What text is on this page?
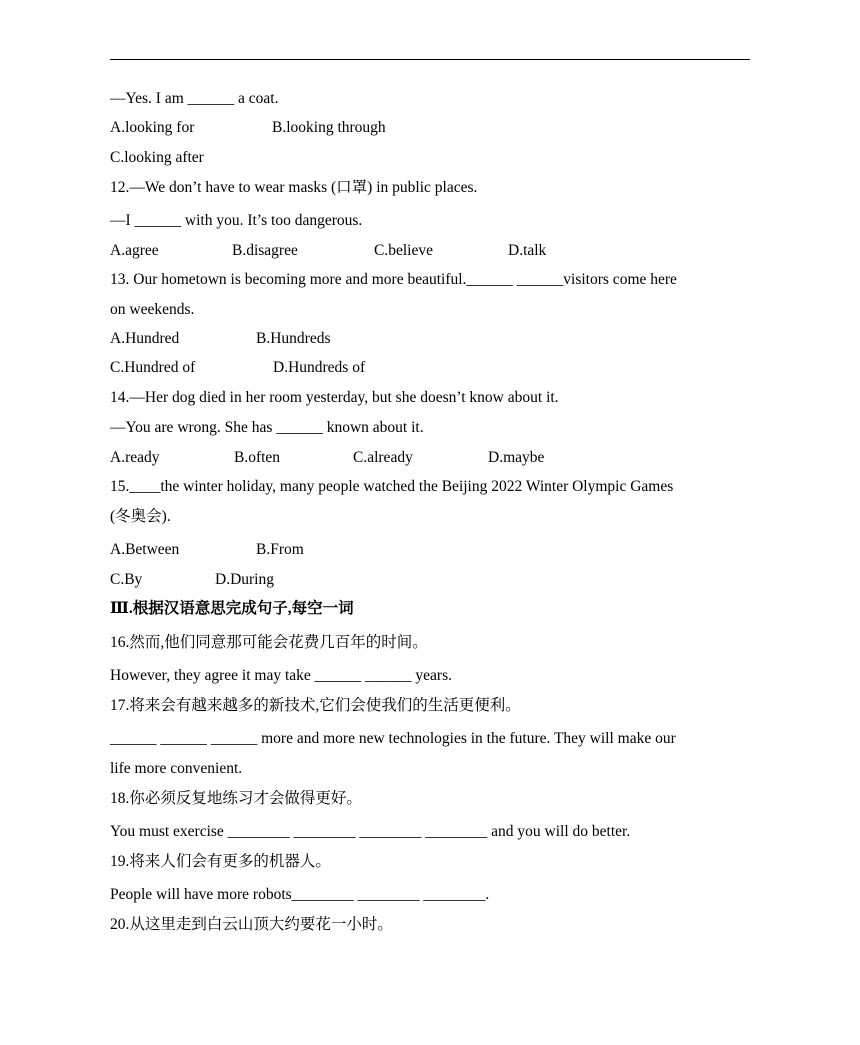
—Yes. I am ______ a coat.
A.looking for	B.looking through
C.looking after
12.—We don’t have to wear masks (口罩) in public places.
—I ______ with you. It’s too dangerous.
A.agree	B.disagree	C.believe	D.talk
13. Our hometown is becoming more and more beautiful.______ ______visitors come here
on weekends.
A.Hundred	B.Hundreds
C.Hundred of	D.Hundreds of
14.—Her dog died in her room yesterday, but she doesn’t know about it.
—You are wrong. She has ______ known about it.
A.ready	B.often	C.already	D.maybe
15.____the winter holiday, many people watched the Beijing 2022 Winter Olympic Games
(冬奥会).
A.Between	B.From
C.By	D.During
Ⅲ.根据汉语意思完成句子,每空一词
16.然而,他们同意那可能会花费几百年的时间。
However, they agree it may take ______ ______ years.
17.将来会有越来越多的新技术,它们会使我们的生活更便利。
______ ______ ______ more and more new technologies in the future. They will make our
life more convenient.
18.你必须反复地练习才会做得更好。
You must exercise ________ ________ ________ ________ and you will do better.
19.将来人们会有更多的机器人。
People will have more robots________ ________ ________.
20.从这里走到白云山顶大约要花一小时。
